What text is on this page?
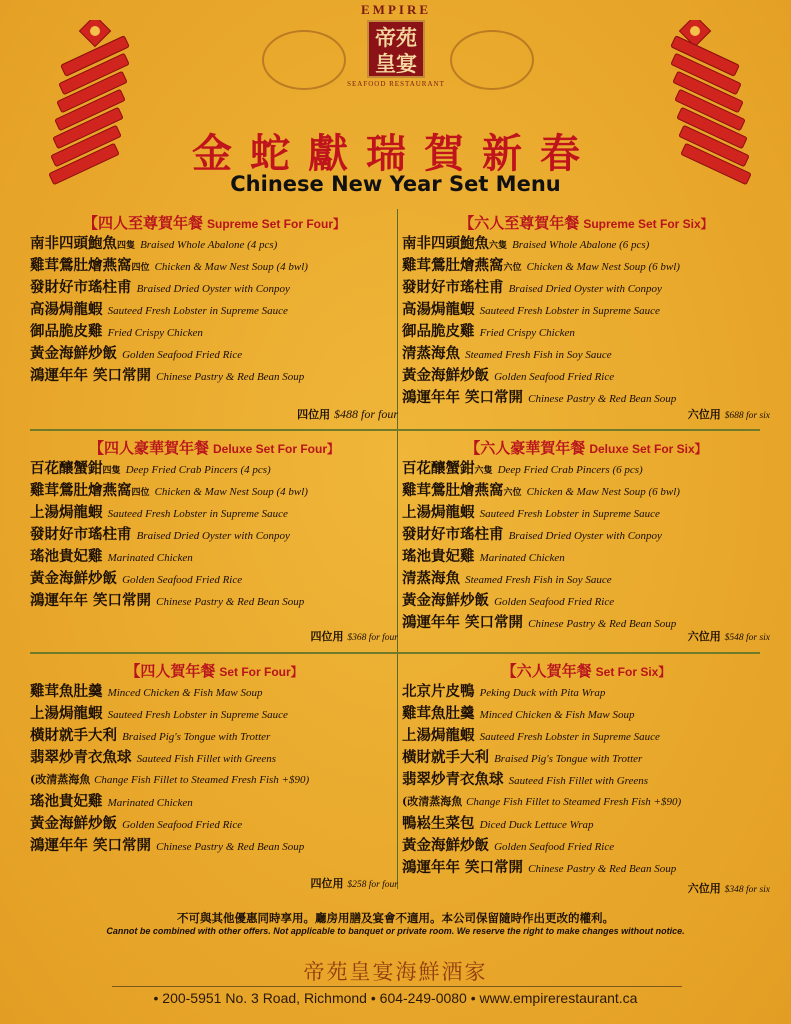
EMPIRE
帝苑
皇宴
SEAFOOD RESTAURANT
金蛇獻瑞賀新春
Chinese New Year Set Menu
【四人至尊賀年餐 Supreme Set For Four】
南非四頭鮑魚四隻 Braised Whole Abalone (4 pcs)
雞茸鶯肚燴燕窩四位 Chicken & Maw Nest Soup (4 bwl)
發財好市瑤柱甫 Braised Dried Oyster with Conpoy
高湯焗龍蝦 Sauteed Fresh Lobster in Supreme Sauce
御品脆皮雞 Fried Crispy Chicken
黃金海鮮炒飯 Golden Seafood Fried Rice
鴻運年年 笑口常開 Chinese Pastry & Red Bean Soup
四位用 $488 for four
【六人至尊賀年餐 Supreme Set For Six】
南非四頭鮑魚六隻 Braised Whole Abalone (6 pcs)
雞茸鶯肚燴燕窩六位 Chicken & Maw Nest Soup (6 bwl)
發財好市瑤柱甫 Braised Dried Oyster with Conpoy
高湯焗龍蝦 Sauteed Fresh Lobster in Supreme Sauce
御品脆皮雞 Fried Crispy Chicken
清蒸海魚 Steamed Fresh Fish in Soy Sauce
黃金海鮮炒飯 Golden Seafood Fried Rice
鴻運年年 笑口常開 Chinese Pastry & Red Bean Soup
六位用 $688 for six
【四人豪華賀年餐 Deluxe Set For Four】
百花釀蟹鉗四隻 Deep Fried Crab Pincers (4 pcs)
雞茸鶯肚燴燕窩四位 Chicken & Maw Nest Soup (4 bwl)
上湯焗龍蝦 Sauteed Fresh Lobster in Supreme Sauce
發財好市瑤柱甫 Braised Dried Oyster with Conpoy
瑤池貴妃雞 Marinated Chicken
黃金海鮮炒飯 Golden Seafood Fried Rice
鴻運年年 笑口常開 Chinese Pastry & Red Bean Soup
四位用 $368 for four
【六人豪華賀年餐 Deluxe Set For Six】
百花釀蟹鉗六隻 Deep Fried Crab Pincers (6 pcs)
雞茸鶯肚燴燕窩六位 Chicken & Maw Nest Soup (6 bwl)
上湯焗龍蝦 Sauteed Fresh Lobster in Supreme Sauce
發財好市瑤柱甫 Braised Dried Oyster with Conpoy
瑤池貴妃雞 Marinated Chicken
清蒸海魚 Steamed Fresh Fish in Soy Sauce
黃金海鮮炒飯 Golden Seafood Fried Rice
鴻運年年 笑口常開 Chinese Pastry & Red Bean Soup
六位用 $548 for six
【四人賀年餐 Set For Four】
雞茸魚肚羹 Minced Chicken & Fish Maw Soup
上湯焗龍蝦 Sauteed Fresh Lobster in Supreme Sauce
橫財就手大利 Braised Pig's Tongue with Trotter
翡翠炒青衣魚球 Sauteed Fish Fillet with Greens
(改清蒸海魚 Change Fish Fillet to Steamed Fresh Fish +$90)
瑤池貴妃雞 Marinated Chicken
黃金海鮮炒飯 Golden Seafood Fried Rice
鴻運年年 笑口常開 Chinese Pastry & Red Bean Soup
四位用 $258 for four
【六人賀年餐 Set For Six】
北京片皮鴨 Peking Duck with Pita Wrap
雞茸魚肚羹 Minced Chicken & Fish Maw Soup
上湯焗龍蝦 Sauteed Fresh Lobster in Supreme Sauce
橫財就手大利 Braised Pig's Tongue with Trotter
翡翠炒青衣魚球 Sauteed Fish Fillet with Greens
(改清蒸海魚 Change Fish Fillet to Steamed Fresh Fish +$90)
鴨崧生菜包 Diced Duck Lettuce Wrap
黃金海鮮炒飯 Golden Seafood Fried Rice
鴻運年年 笑口常開 Chinese Pastry & Red Bean Soup
六位用 $348 for six
不可與其他優惠同時享用。廳房用膳及宴會不適用。本公司保留隨時作出更改的權利。
Cannot be combined with other offers. Not applicable to banquet or private room. We reserve the right to make changes without notice.
帝苑皇宴海鮮酒家
• 200-5951 No. 3 Road, Richmond • 604-249-0080 • www.empirerestaurant.ca
